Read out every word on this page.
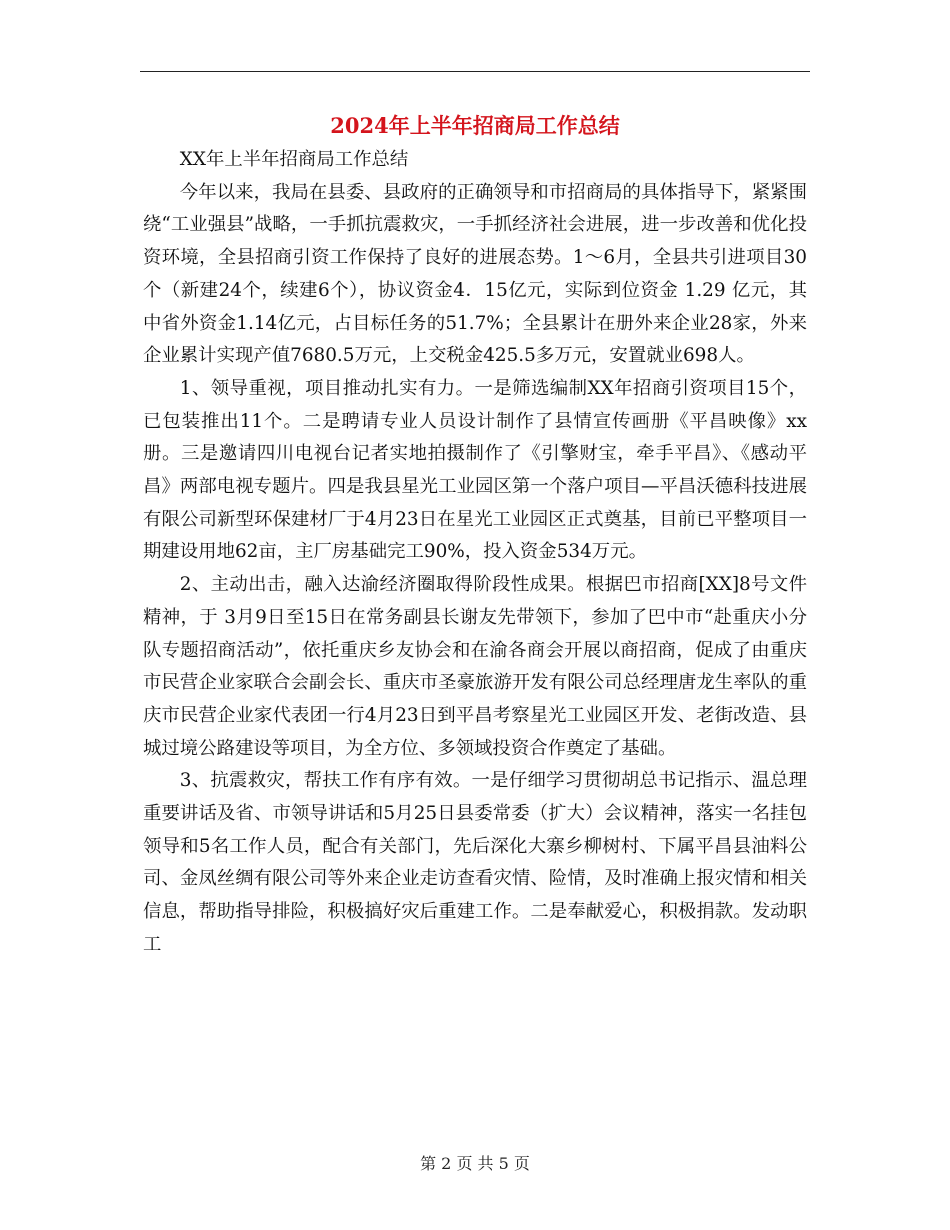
2024年上半年招商局工作总结

XX年上半年招商局工作总结

今年以来，我局在县委、县政府的正确领导和市招商局的具体指导下，紧紧围绕“工业强县”战略，一手抓抗震救灾，一手抓经济社会进展，进一步改善和优化投资环境，全县招商引资工作保持了良好的进展态势。1～6月，全县共引进项目30个（新建24个，续建6个），协议资金4．15亿元，实际到位资金 1.29 亿元，其中省外资金1.14亿元，占目标任务的51.7%；全县累计在册外来企业28家，外来企业累计实现产值7680.5万元，上交税金425.5多万元，安置就业698人。

1、领导重视，项目推动扎实有力。一是筛选编制XX年招商引资项目15个，已包装推出11个。二是聘请专业人员设计制作了县情宣传画册《平昌映像》xx册。三是邀请四川电视台记者实地拍摄制作了《引擎财宝，牵手平昌》、《感动平昌》两部电视专题片。四是我县星光工业园区第一个落户项目—平昌沃德科技进展有限公司新型环保建材厂于4月23日在星光工业园区正式奠基，目前已平整项目一期建设用地62亩，主厂房基础完工90%，投入资金534万元。

2、主动出击，融入达渝经济圈取得阶段性成果。根据巴市招商[XX]8号文件精神，于 3月9日至15日在常务副县长谢友先带领下，参加了巴中市“赴重庆小分队专题招商活动”，依托重庆乡友协会和在渝各商会开展以商招商，促成了由重庆市民营企业家联合会副会长、重庆市圣豪旅游开发有限公司总经理唐龙生率队的重庆市民营企业家代表团一行4月23日到平昌考察星光工业园区开发、老街改造、县城过境公路建设等项目，为全方位、多领域投资合作奠定了基础。

3、抗震救灾，帮扶工作有序有效。一是仔细学习贯彻胡总书记指示、温总理重要讲话及省、市领导讲话和5月25日县委常委（扩大）会议精神，落实一名挂包领导和5名工作人员，配合有关部门，先后深化大寨乡柳树村、下属平昌县油料公司、金凤丝绸有限公司等外来企业走访查看灾情、险情，及时准确上报灾情和相关信息，帮助指导排险，积极搞好灾后重建工作。二是奉献爱心，积极捐款。发动职工

第 2 页 共 5 页
